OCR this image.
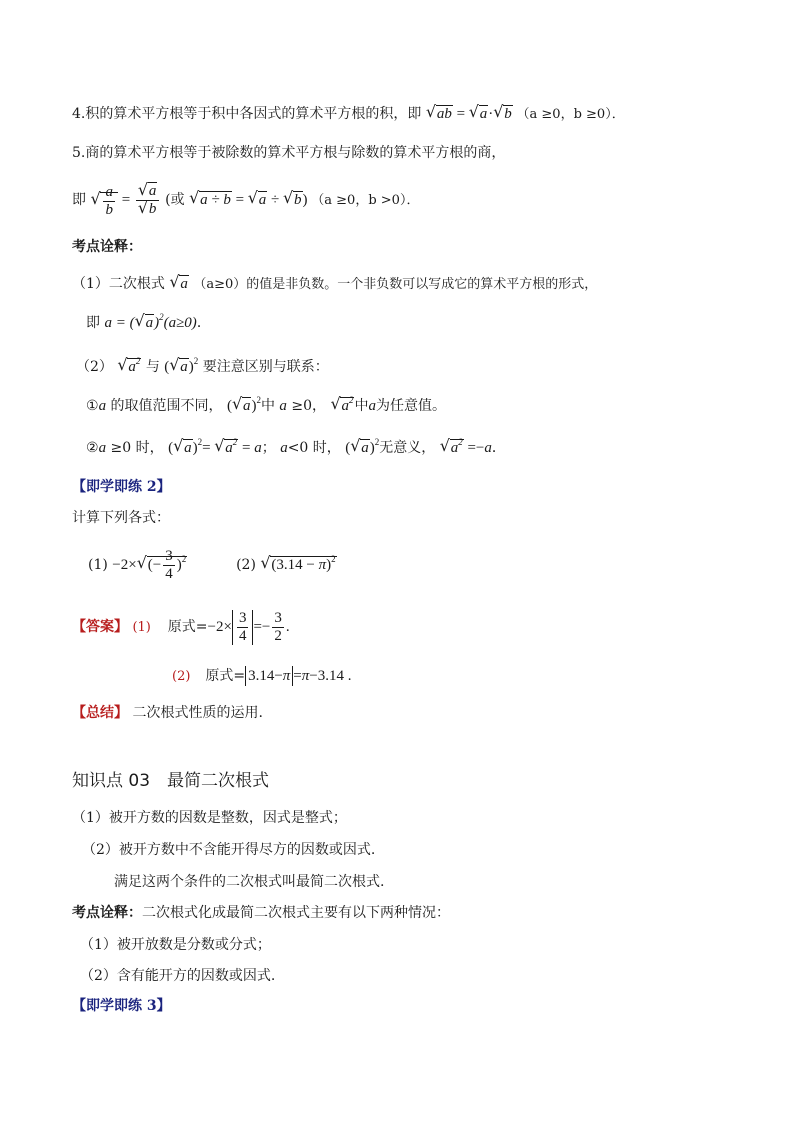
4.积的算术平方根等于积中各因式的算术平方根的积，即 √ ab = √ a· √ b （a ≥0，b ≥0）．
5.商的算术平方根等于被除数的算术平方根与除数的算术平方根的商，
即 √ $\frac{a}{b}$ = √ a
√ b (或 √ a ÷ b = √ a ÷ √ b) （a ≥0，b >0）．
考点诠释：
（1）二次根式 √ a （a≥0）的值是非负数。一个非负数可以写成它的算术平方根的形式，
即 a = ( √ a)$^2$(a≥0)．
（2） √ $a^2$ 与 ( √ a)$^2$ 要注意区别与联系：
①a 的取值范围不同， ( √ a)$^2$中 a ≥0， √ $a^2$中a为任意值。
②a ≥0 时， ( √ a)$^2$= √ $a^2 = a$； a<0 时， ( √ a)$^2$无意义， √ $a^2 =-a$．
【即学即练 2】
计算下列各式：
(1) −2× √ (− $\frac{3}{4} )^2$	(2) √ $(3.14 - \pi)^2$
【答案】 (1) 原式$=-2\times \frac{3}{4} =- \frac{3}{2}$ .
(2) 原式= 3.14−π =π−3.14 .
【总结】 二次根式性质的运用.
知识点 03　最简二次根式
（1）被开方数的因数是整数，因式是整式；
（2）被开方数中不含能开得尽方的因数或因式.
满足这两个条件的二次根式叫最简二次根式.
考点诠释：二次根式化成最简二次根式主要有以下两种情况：
（1）被开放数是分数或分式；
（2）含有能开方的因数或因式.
【即学即练 3】
